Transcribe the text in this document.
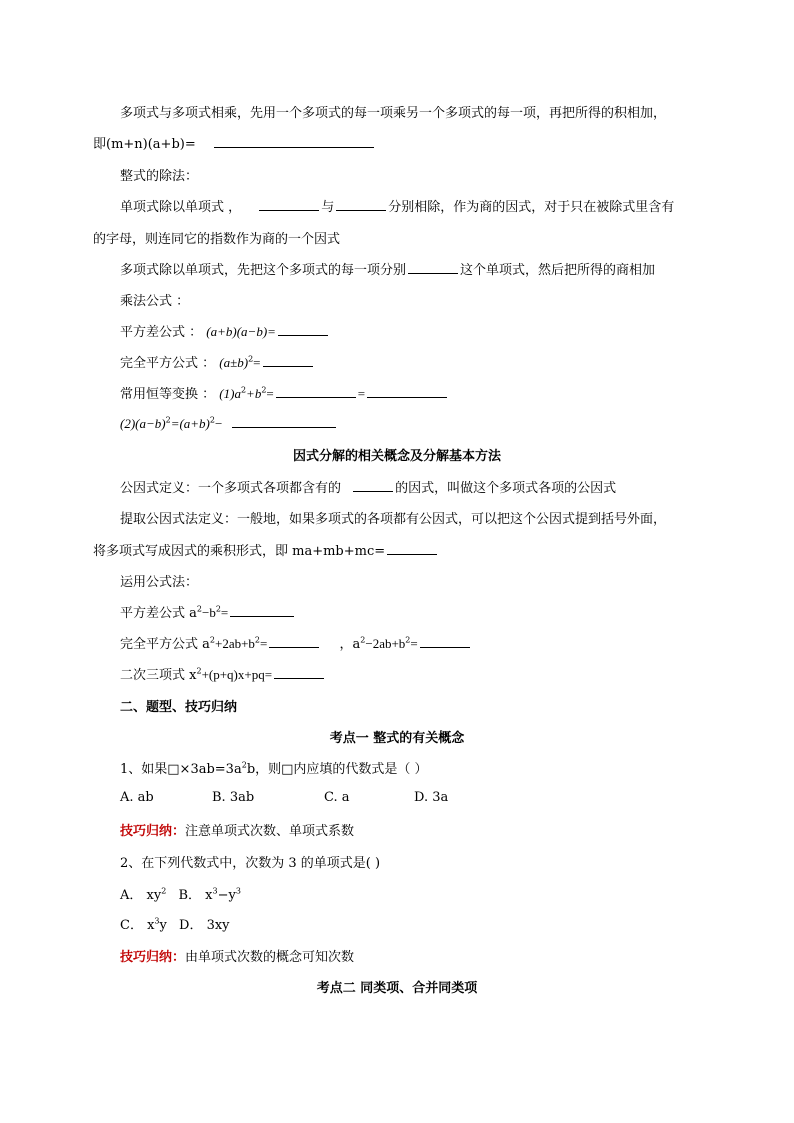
多项式与多项式相乘，先用一个多项式的每一项乘另一个多项式的每一项，再把所得的积相加，
即(m+n)(a+b)=
整式的除法：
单项式除以单项式 ，	与	分别相除，作为商的因式，对于只在被除式里含有
的字母，则连同它的指数作为商的一个因式
多项式除以单项式，先把这个多项式的每一项分别	这个单项式，然后把所得的商相加
乘法公式 ：
平方差公式 ： (a+b)(a−b)=
完全平方公式 ： $(a\pm b)^2=$
常用恒等变换 ： $(1)a^2+b^2=$	=
$(2)(a-b)^2=(a+b)^2-$
因式分解的相关概念及分解基本方法
公因式定义：一个多项式各项都含有的	的因式，叫做这个多项式各项的公因式
提取公因式法定义：一般地，如果多项式的各项都有公因式，可以把这个公因式提到括号外面，
将多项式写成因式的乘积形式，即 ma+mb+mc=
运用公式法：
平方差公式 $a^2-b^2=$
完全平方公式 $a^2+2ab+b^2=$	，$a^2-2ab+b^2=$
二次三项式 $x^2+(p+q)x+pq=$
二、题型、技巧归纳
考点一 整式的有关概念
1、如果$□\times 3ab=3a^2b$，则□内应填的代数式是（ ）
A. ab	B. 3ab	C. a	D. 3a
技巧归纳：注意单项式次数、单项式系数
2、在下列代数式中，次数为 3 的单项式是( )
A． $xy^2$ B． $x^3-y^3$
C． $x^3y$ D． 3xy
技巧归纳：由单项式次数的概念可知次数
考点二 同类项、合并同类项
